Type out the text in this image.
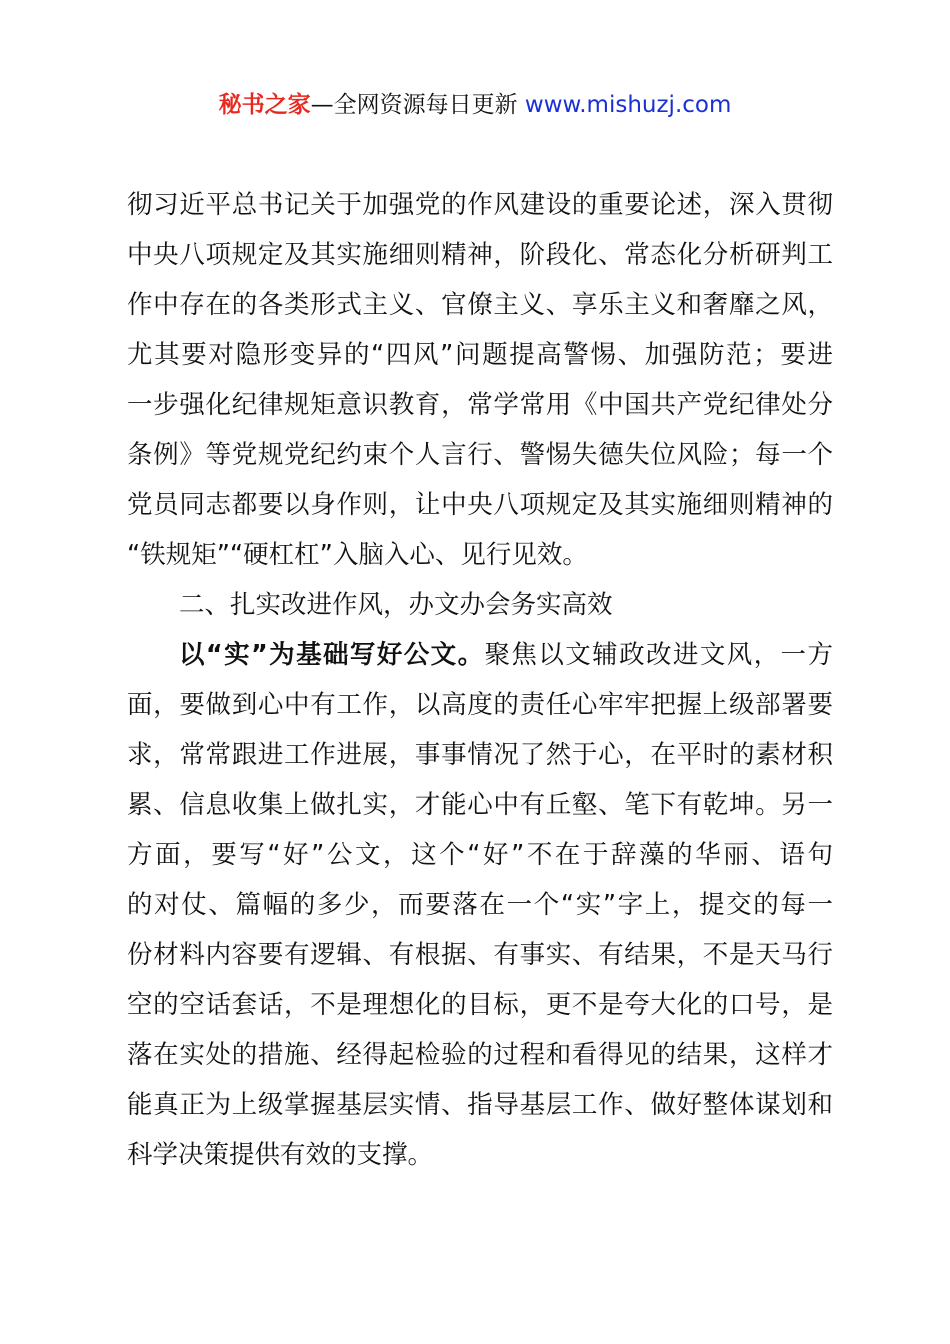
秘书之家—全网资源每日更新 www.mishuzj.com
彻习近平总书记关于加强党的作风建设的重要论述，深入贯彻
中央八项规定及其实施细则精神，阶段化、常态化分析研判工
作中存在的各类形式主义、官僚主义、享乐主义和奢靡之风，
尤其要对隐形变异的“四风”问题提高警惕、加强防范；要进
一步强化纪律规矩意识教育，常学常用《中国共产党纪律处分
条例》等党规党纪约束个人言行、警惕失德失位风险；每一个
党员同志都要以身作则，让中央八项规定及其实施细则精神的
“铁规矩”“硬杠杠”入脑入心、见行见效。
二、扎实改进作风，办文办会务实高效
以“实”为基础写好公文。聚焦以文辅政改进文风，一方
面，要做到心中有工作，以高度的责任心牢牢把握上级部署要
求，常常跟进工作进展，事事情况了然于心，在平时的素材积
累、信息收集上做扎实，才能心中有丘壑、笔下有乾坤。另一
方面，要写“好”公文，这个“好”不在于辞藻的华丽、语句
的对仗、篇幅的多少，而要落在一个“实”字上，提交的每一
份材料内容要有逻辑、有根据、有事实、有结果，不是天马行
空的空话套话，不是理想化的目标，更不是夸大化的口号，是
落在实处的措施、经得起检验的过程和看得见的结果，这样才
能真正为上级掌握基层实情、指导基层工作、做好整体谋划和
科学决策提供有效的支撑。
